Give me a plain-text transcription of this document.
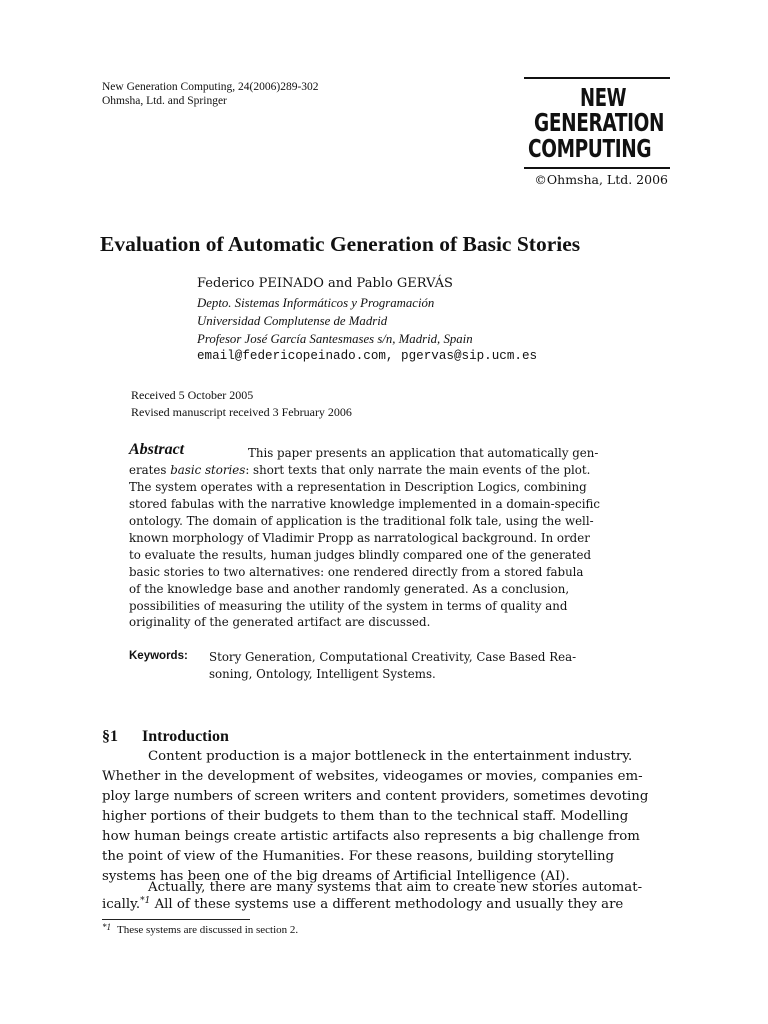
New Generation Computing, 24(2006)289-302
Ohmsha, Ltd. and Springer	NEW
GENERATION
COMPUTING
©Ohmsha, Ltd. 2006
Evaluation of Automatic Generation of Basic Stories
Federico PEINADO and Pablo GERVÁS
Depto. Sistemas Informáticos y Programación
Universidad Complutense de Madrid
Profesor José García Santesmases s/n, Madrid, Spain
email@federicopeinado.com, pgervas@sip.ucm.es
Received 5 October 2005
Revised manuscript received 3 February 2006
Abstract	This paper presents an application that automatically gen-
erates basic stories: short texts that only narrate the main events of the plot.
The system operates with a representation in Description Logics, combining
stored fabulas with the narrative knowledge implemented in a domain-specific
ontology. The domain of application is the traditional folk tale, using the well-
known morphology of Vladimir Propp as narratological background. In order
to evaluate the results, human judges blindly compared one of the generated
basic stories to two alternatives: one rendered directly from a stored fabula
of the knowledge base and another randomly generated. As a conclusion,
possibilities of measuring the utility of the system in terms of quality and
originality of the generated artifact are discussed.
Keywords: Story Generation, Computational Creativity, Case Based Rea-
soning, Ontology, Intelligent Systems.
§1 Introduction
Content production is a major bottleneck in the entertainment industry.
Whether in the development of websites, videogames or movies, companies em-
ploy large numbers of screen writers and content providers, sometimes devoting
higher portions of their budgets to them than to the technical staff. Modelling
how human beings create artistic artifacts also represents a big challenge from
the point of view of the Humanities. For these reasons, building storytelling
systems has been one of the big dreams of Artificial Intelligence (AI).
Actually, there are many systems that aim to create new stories automat-
ically.$^{*1}$ All of these systems use a different methodology and usually they are
$^{*1}$ These systems are discussed in section 2.
